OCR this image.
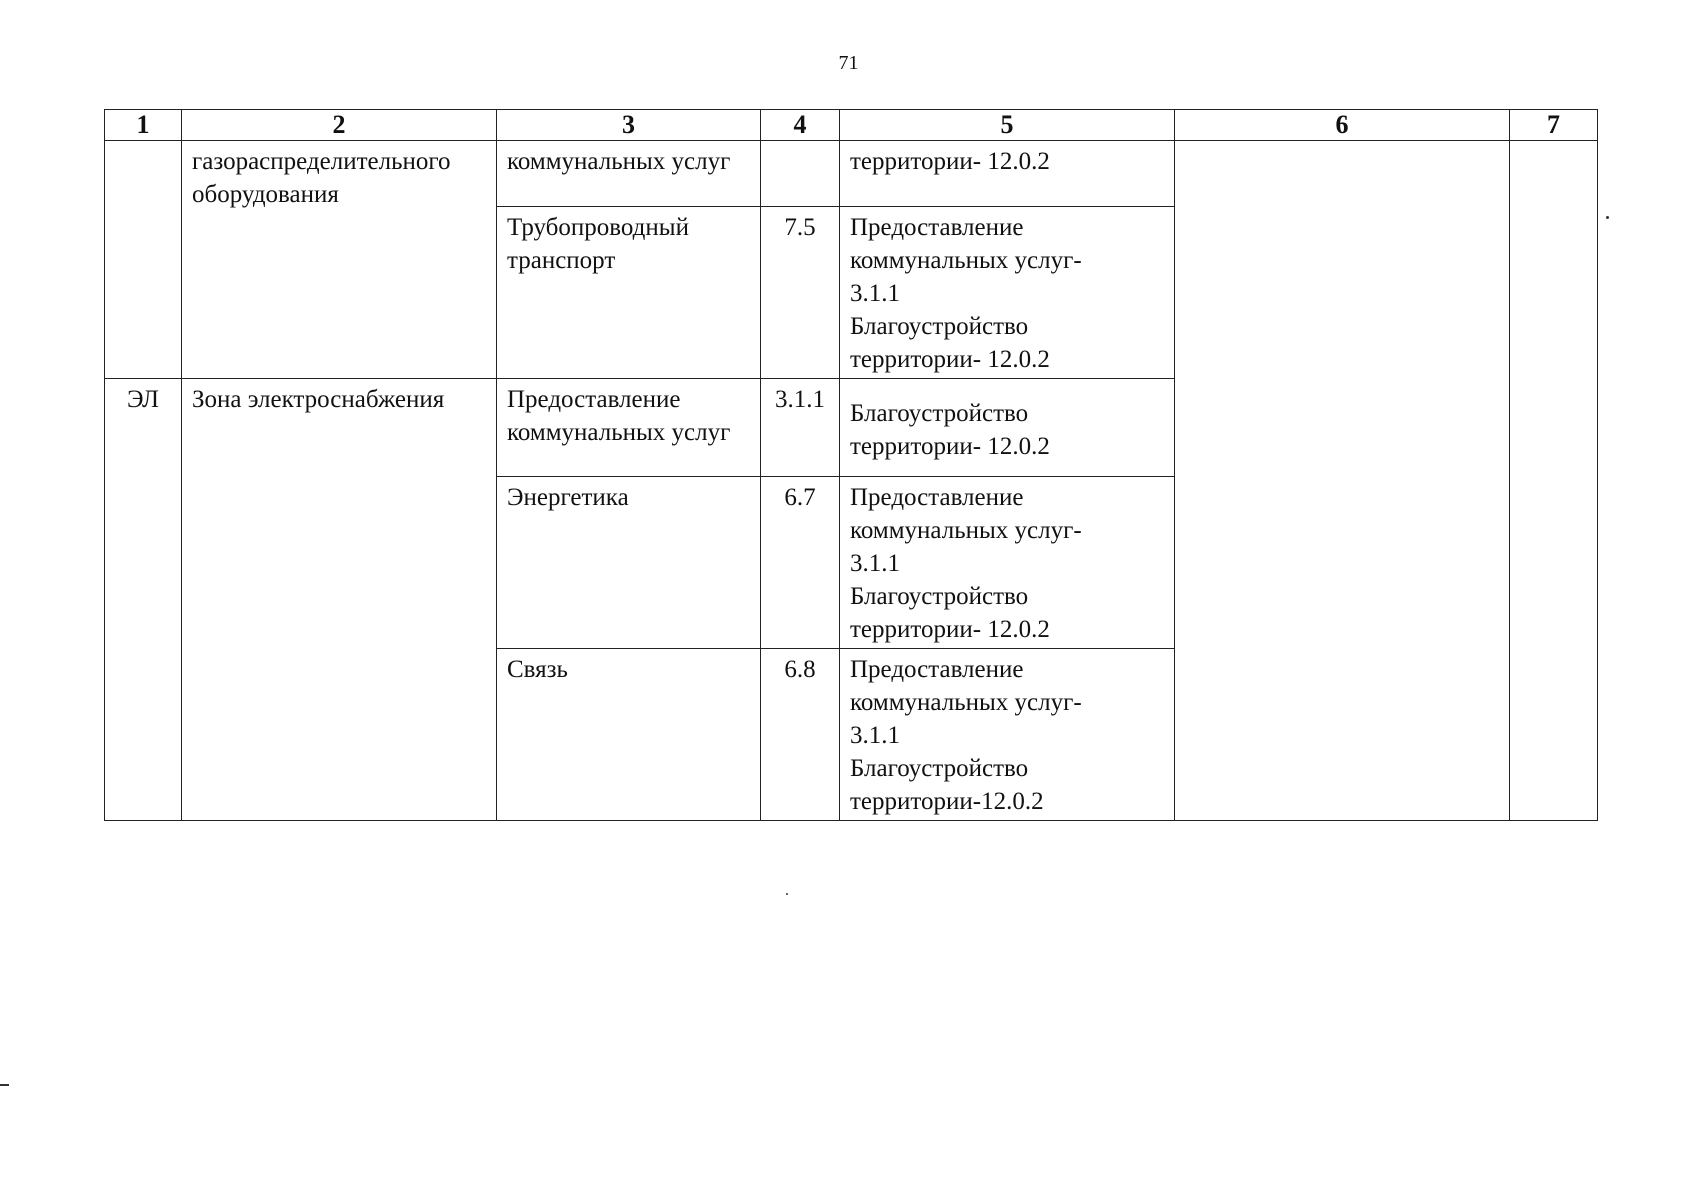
71
1	2	3	4	5	6	7
	газораспределительного оборудования	коммунальных услуг		территории- 12.0.2		

		Трубопроводный транспорт	7.5	Предоставление коммунальных услуг-
3.1.1
Благоустройство
территории- 12.0.2		

ЭЛ	Зона электроснабжения	Предоставление коммунальных услуг	3.1.1	Благоустройство
территории- 12.0.2		

		Энергетика	6.7	Предоставление коммунальных услуг-
3.1.1
Благоустройство
территории- 12.0.2		

		Связь	6.8	Предоставление коммунальных услуг-
3.1.1
Благоустройство
территории-12.0.2		
